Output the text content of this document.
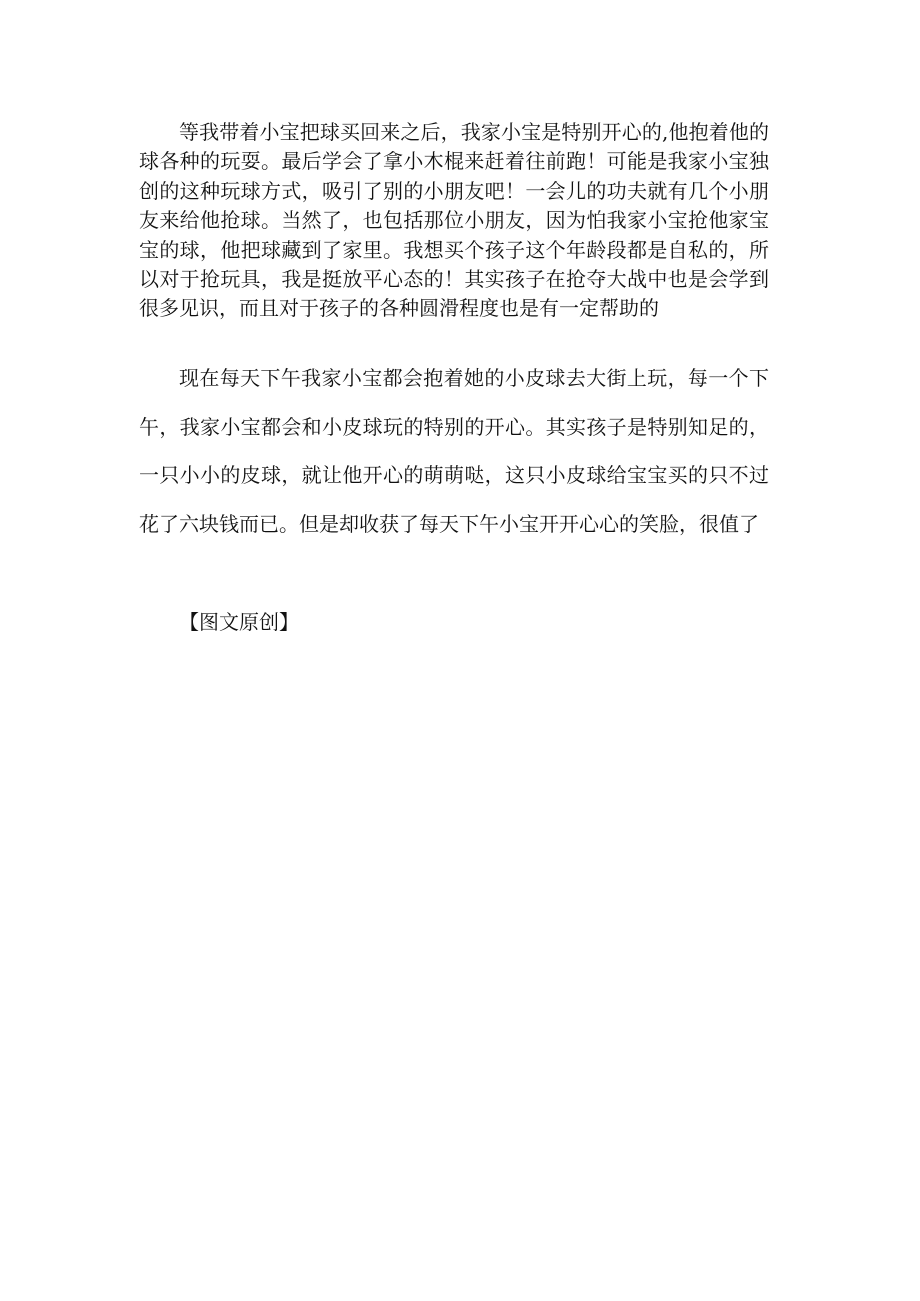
等我带着小宝把球买回来之后，我家小宝是特别开心的,他抱着他的球各种的玩耍。最后学会了拿小木棍来赶着往前跑！可能是我家小宝独创的这种玩球方式，吸引了别的小朋友吧！一会儿的功夫就有几个小朋友来给他抢球。当然了，也包括那位小朋友，因为怕我家小宝抢他家宝宝的球，他把球藏到了家里。我想买个孩子这个年龄段都是自私的，所以对于抢玩具，我是挺放平心态的！其实孩子在抢夺大战中也是会学到很多见识，而且对于孩子的各种圆滑程度也是有一定帮助的

现在每天下午我家小宝都会抱着她的小皮球去大街上玩，每一个下午，我家小宝都会和小皮球玩的特别的开心。其实孩子是特别知足的，一只小小的皮球，就让他开心的萌萌哒，这只小皮球给宝宝买的只不过花了六块钱而已。但是却收获了每天下午小宝开开心心的笑脸，很值了

【图文原创】
